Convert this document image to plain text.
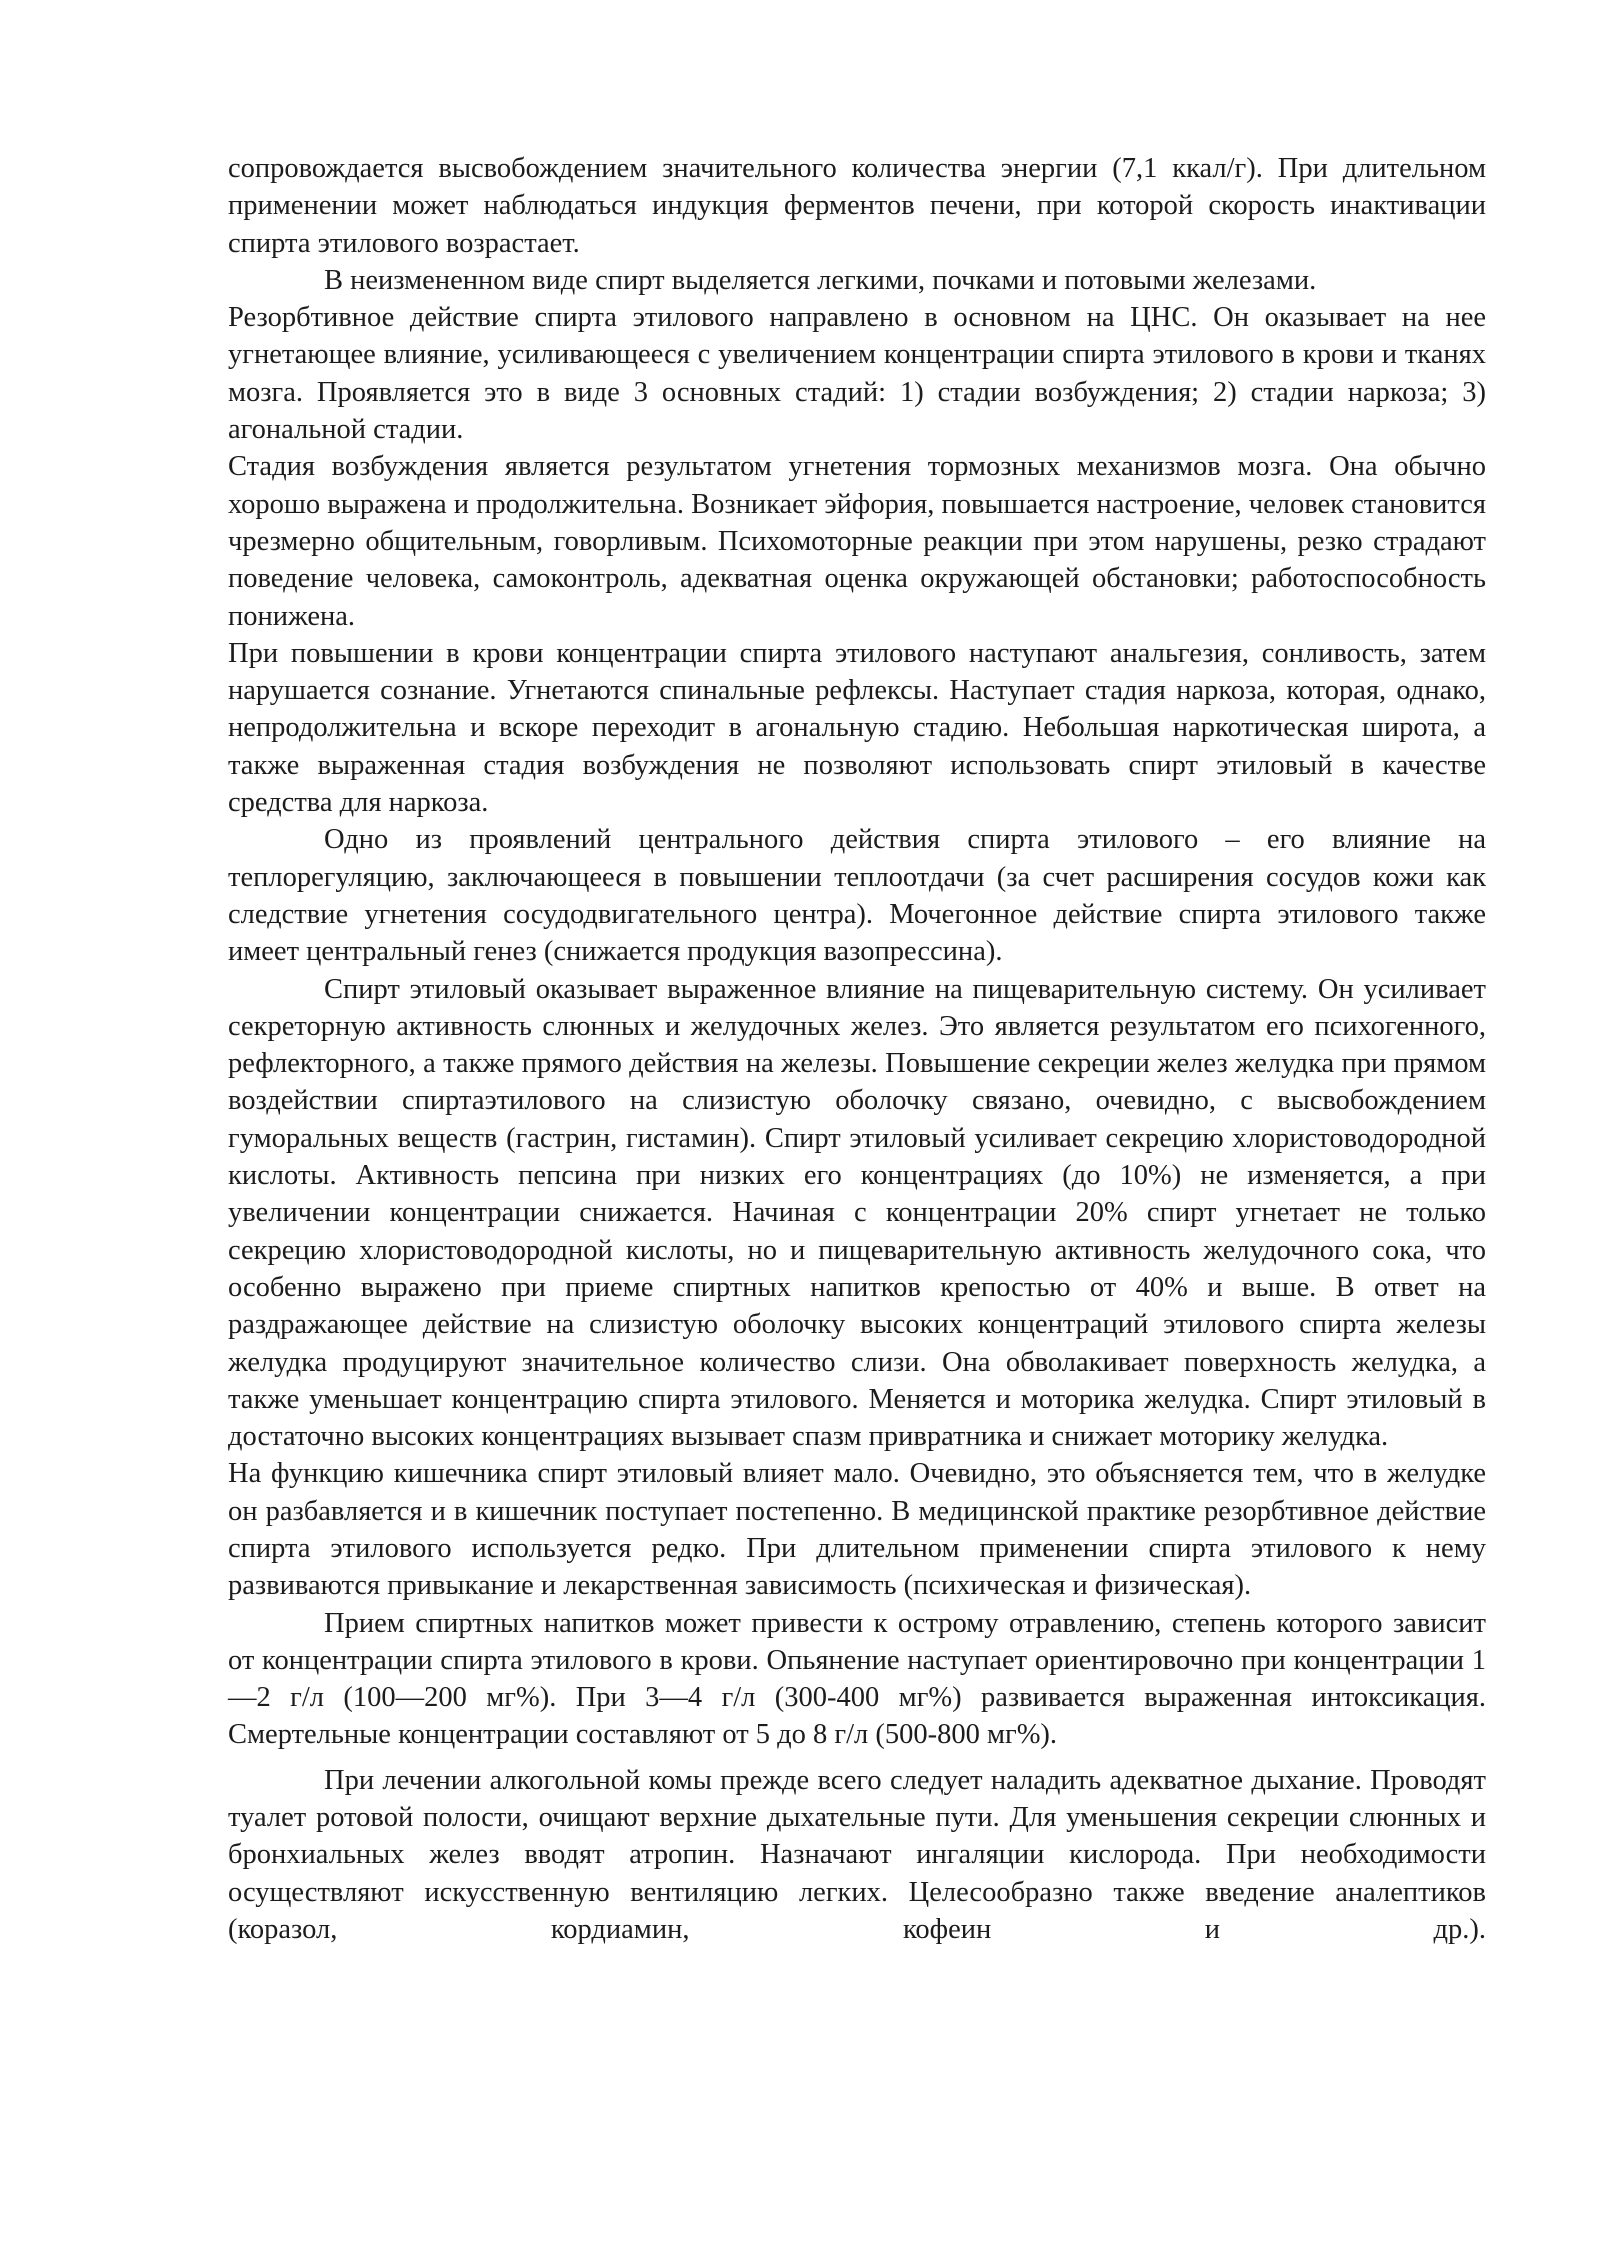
сопровождается высвобождением значительного количества энергии (7,1 ккал/г). При длительном применении может наблюдаться индукция ферментов печени, при которой скорость инактивации спирта этилового возрастает.

В неизмененном виде спирт выделяется легкими, почками и потовыми железами.

Резорбтивное действие спирта этилового направлено в основном на ЦНС. Он оказывает на нее угнетающее влияние, усиливающееся с увеличением концентрации спирта этилового в крови и тканях мозга. Проявляется это в виде 3 основных стадий: 1) стадии возбуждения; 2) стадии наркоза; 3) агональной стадии.

Стадия возбуждения является результатом угнетения тормозных механизмов мозга. Она обычно хорошо выражена и продолжительна. Возникает эйфория, повышается настроение, человек становится чрезмерно общительным, говорливым. Психомоторные реакции при этом нарушены, резко страдают поведение человека, самоконтроль, адекватная оценка окружающей обстановки; работоспособность понижена.

При повышении в крови концентрации спирта этилового наступают анальгезия, сонливость, затем нарушается сознание. Угнетаются спинальные рефлексы. Наступает стадия наркоза, которая, однако, непродолжительна и вскоре переходит в агональную стадию. Небольшая наркотическая широта, а также выраженная стадия возбуждения не позволяют использовать спирт этиловый в качестве средства для наркоза.

Одно из проявлений центрального действия спирта этилового – его влияние на теплорегуляцию, заключающееся в повышении теплоотдачи (за счет расширения сосудов кожи как следствие угнетения сосудодвигательного центра). Мочегонное действие спирта этилового также имеет центральный генез (снижается продукция вазопрессина).

Спирт этиловый оказывает выраженное влияние на пищеварительную систему. Он усиливает секреторную активность слюнных и желудочных желез. Это является результатом его психогенного, рефлекторного, а также прямого действия на железы. Повышение секреции желез желудка при прямом воздействии спиртаэтилового на слизистую оболочку связано, очевидно, с высвобождением гуморальных веществ (гастрин, гистамин). Спирт этиловый усиливает секрецию хлористоводородной кислоты. Активность пепсина при низких его концентрациях (до 10%) не изменяется, а при увеличении концентрации снижается. Начиная с концентрации 20% спирт угнетает не только секрецию хлористоводородной кислоты, но и пищеварительную активность желудочного сока, что особенно выражено при приеме спиртных напитков крепостью от 40% и выше. В ответ на раздражающее действие на слизистую оболочку высоких концентраций этилового спирта железы желудка продуцируют значительное количество слизи. Она обволакивает поверхность желудка, а также уменьшает концентрацию спирта этилового. Меняется и моторика желудка. Спирт этиловый в достаточно высоких концентрациях вызывает спазм привратника и снижает моторику желудка.

На функцию кишечника спирт этиловый влияет мало. Очевидно, это объясняется тем, что в желудке он разбавляется и в кишечник поступает постепенно. В медицинской практике резорбтивное действие спирта этилового используется редко. При длительном применении спирта этилового к нему развиваются привыкание и лекарственная зависимость (психическая и физическая).

Прием спиртных напитков может привести к острому отравлению, степень которого зависит от концентрации спирта этилового в крови. Опьянение наступает ориентировочно при концентрации 1—2 г/л (100—200 мг%). При 3—4 г/л (300-400 мг%) развивается выраженная интоксикация. Смертельные концентрации составляют от 5 до 8 г/л (500-800 мг%).

При лечении алкогольной комы прежде всего следует наладить адекватное дыхание. Проводят туалет ротовой полости, очищают верхние дыхательные пути. Для уменьшения секреции слюнных и бронхиальных желез вводят атропин. Назначают ингаляции кислорода. При необходимости осуществляют искусственную вентиляцию легких. Целесообразно также введение аналептиков (коразол, кордиамин, кофеин и др.).
